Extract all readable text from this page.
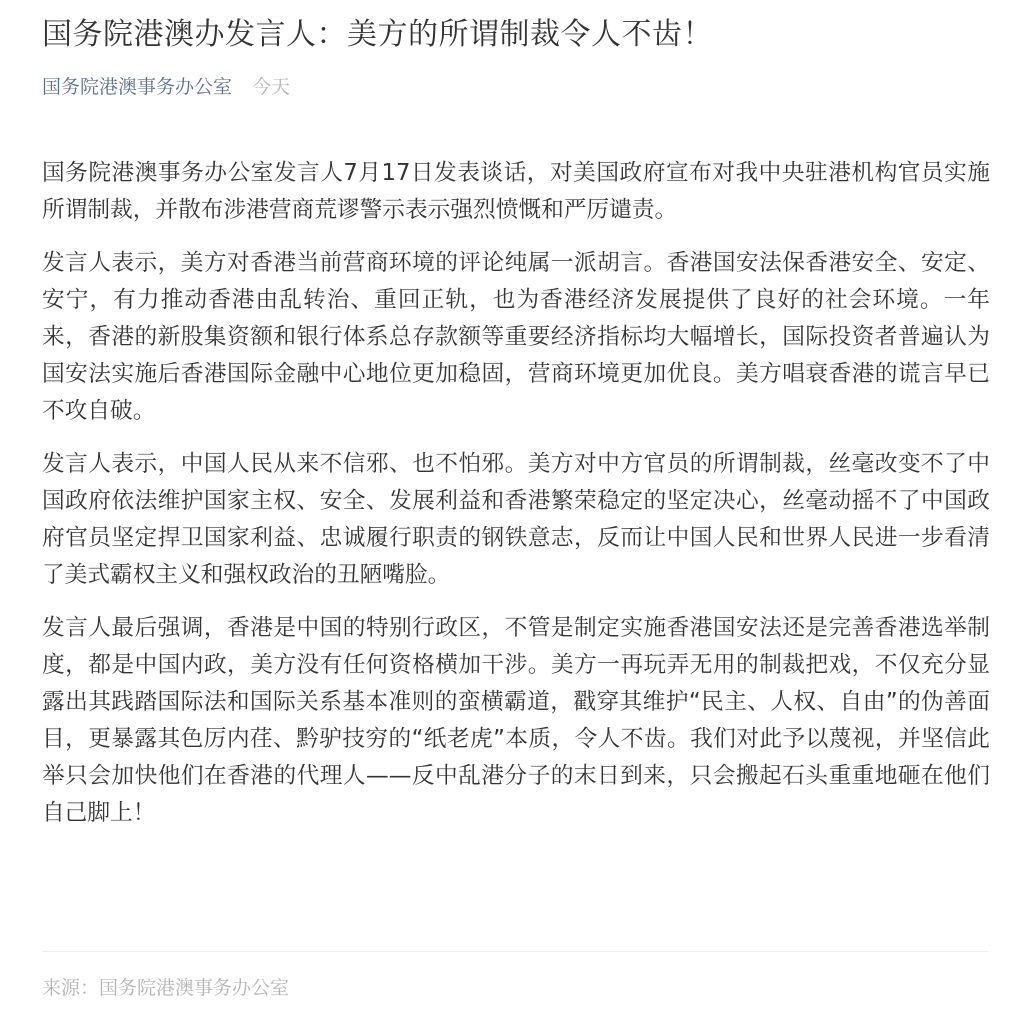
国务院港澳办发言人：美方的所谓制裁令人不齿！
国务院港澳事务办公室 今天

国务院港澳事务办公室发言人7月17日发表谈话，对美国政府宣布对我中央驻港机构官员实施所谓制裁，并散布涉港营商荒谬警示表示强烈愤慨和严厉谴责。

发言人表示，美方对香港当前营商环境的评论纯属一派胡言。香港国安法保香港安全、安定、安宁，有力推动香港由乱转治、重回正轨，也为香港经济发展提供了良好的社会环境。一年来，香港的新股集资额和银行体系总存款额等重要经济指标均大幅增长，国际投资者普遍认为国安法实施后香港国际金融中心地位更加稳固，营商环境更加优良。美方唱衰香港的谎言早已不攻自破。

发言人表示，中国人民从来不信邪、也不怕邪。美方对中方官员的所谓制裁，丝毫改变不了中国政府依法维护国家主权、安全、发展利益和香港繁荣稳定的坚定决心，丝毫动摇不了中国政府官员坚定捍卫国家利益、忠诚履行职责的钢铁意志，反而让中国人民和世界人民进一步看清了美式霸权主义和强权政治的丑陋嘴脸。

发言人最后强调，香港是中国的特别行政区，不管是制定实施香港国安法还是完善香港选举制度，都是中国内政，美方没有任何资格横加干涉。美方一再玩弄无用的制裁把戏，不仅充分显露出其践踏国际法和国际关系基本准则的蛮横霸道，戳穿其维护“民主、人权、自由”的伪善面目，更暴露其色厉内荏、黔驴技穷的“纸老虎”本质，令人不齿。我们对此予以蔑视，并坚信此举只会加快他们在香港的代理人——反中乱港分子的末日到来，只会搬起石头重重地砸在他们自己脚上！

来源：国务院港澳事务办公室
